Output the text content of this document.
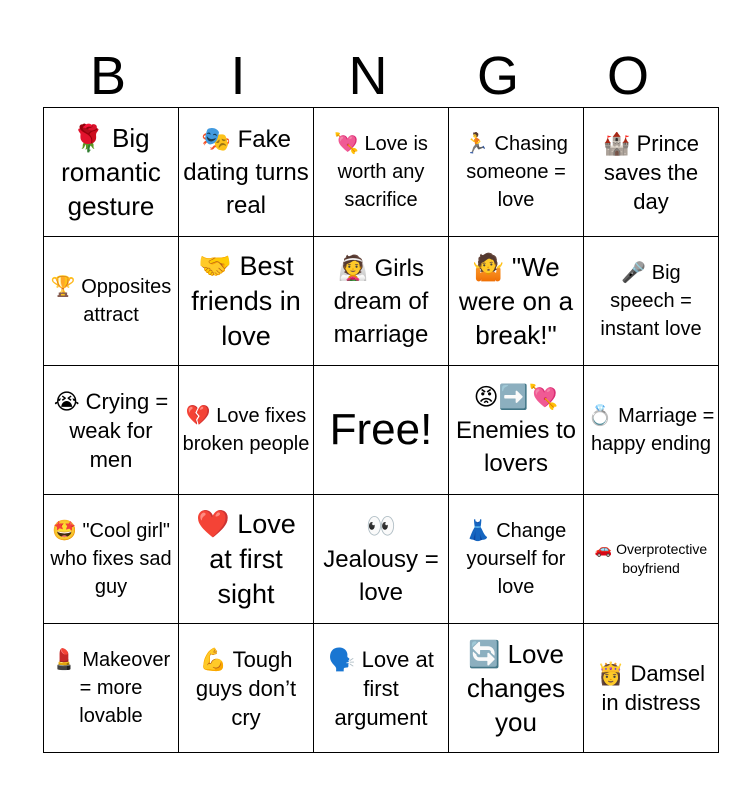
B	I	N	G	O
🌹 Big romantic gesture	🎭 Fake dating turns real	💘 Love is worth any sacrifice	🏃 Chasing someone = love	🏰 Prince saves the day

🏆 Opposites attract	🤝 Best friends in love	👰 Girls dream of marriage	🤷 "We were on a break!"	🎤 Big speech = instant love

😭 Crying = weak for men	💔 Love fixes broken people	Free!	😡➡️💘 Enemies to lovers	💍 Marriage = happy ending

🤩 "Cool girl" who fixes sad guy	❤️ Love at first sight	👀 Jealousy = love	👗 Change yourself for love	🚗 Overprotective boyfriend

💄 Makeover = more lovable	💪 Tough guys don’t cry	🗣️ Love at first argument	🔄 Love changes you	👸 Damsel in distress
